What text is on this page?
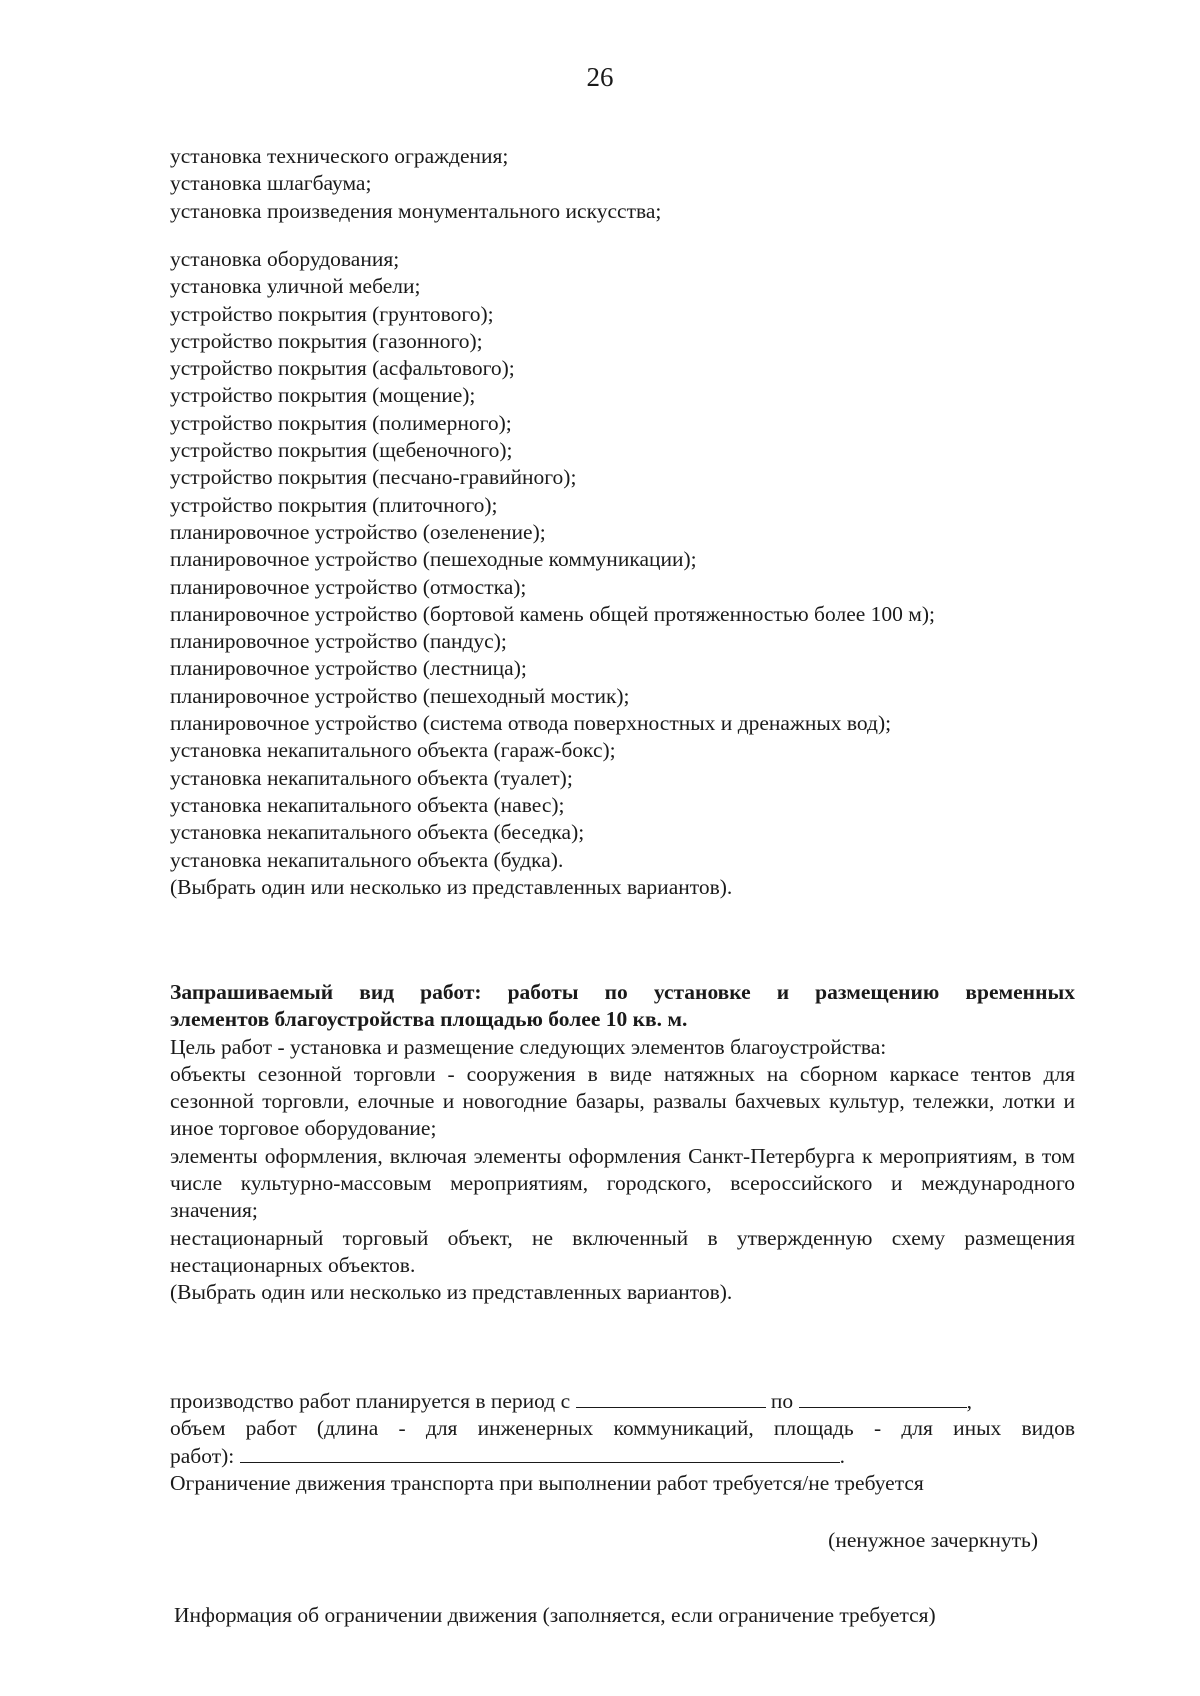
26
установка технического ограждения;
установка шлагбаума;
установка произведения монументального искусства;
установка оборудования;
установка уличной мебели;
устройство покрытия (грунтового);
устройство покрытия (газонного);
устройство покрытия (асфальтового);
устройство покрытия (мощение);
устройство покрытия (полимерного);
устройство покрытия (щебеночного);
устройство покрытия (песчано-гравийного);
устройство покрытия (плиточного);
планировочное устройство (озеленение);
планировочное устройство (пешеходные коммуникации);
планировочное устройство (отмостка);
планировочное устройство (бортовой камень общей протяженностью более 100 м);
планировочное устройство (пандус);
планировочное устройство (лестница);
планировочное устройство (пешеходный мостик);
планировочное устройство (система отвода поверхностных и дренажных вод);
установка некапитального объекта (гараж-бокс);
установка некапитального объекта (туалет);
установка некапитального объекта (навес);
установка некапитального объекта (беседка);
установка некапитального объекта (будка).
(Выбрать один или несколько из представленных вариантов).
Запрашиваемый вид работ: работы по установке и размещению временных
элементов благоустройства площадью более 10 кв. м.
Цель работ - установка и размещение следующих элементов благоустройства:
объекты сезонной торговли - сооружения в виде натяжных на сборном каркасе тентов для сезонной торговли, елочные и новогодние базары, развалы бахчевых культур, тележки, лотки и иное торговое оборудование;
элементы оформления, включая элементы оформления Санкт-Петербурга к мероприятиям, в том числе культурно-массовым мероприятиям, городского, всероссийского и международного значения;
нестационарный торговый объект, не включенный в утвержденную схему размещения нестационарных объектов.
(Выбрать один или несколько из представленных вариантов).
производство работ планируется в период с	по	,
объем работ (длина - для инженерных коммуникаций, площадь - для иных видов
работ):	.
Ограничение движения транспорта при выполнении работ требуется/не требуется
(ненужное зачеркнуть)
Информация об ограничении движения (заполняется, если ограничение требуется)
